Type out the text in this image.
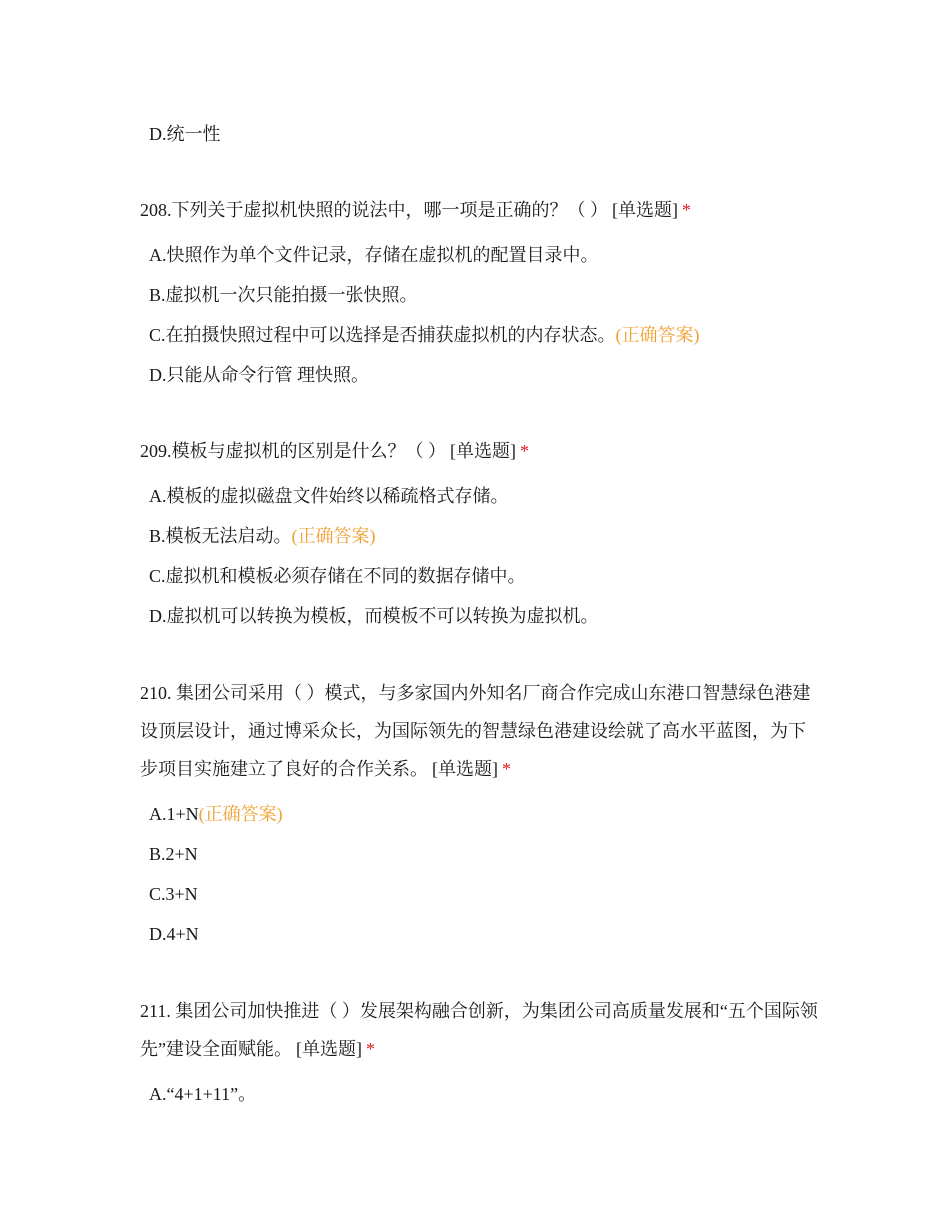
D.统一性

208.下列关于虚拟机快照的说法中，哪一项是正确的？（ ） [单选题] *

A.快照作为单个文件记录，存储在虚拟机的配置目录中。
B.虚拟机一次只能拍摄一张快照。
C.在拍摄快照过程中可以选择是否捕获虚拟机的内存状态。(正确答案)
D.只能从命令行管 理快照。

209.模板与虚拟机的区别是什么？（ ） [单选题] *

A.模板的虚拟磁盘文件始终以稀疏格式存储。
B.模板无法启动。(正确答案)
C.虚拟机和模板必须存储在不同的数据存储中。
D.虚拟机可以转换为模板，而模板不可以转换为虚拟机。

210. 集团公司采用（ ）模式，与多家国内外知名厂商合作完成山东港口智慧绿色港建设顶层设计，通过博采众长，为国际领先的智慧绿色港建设绘就了高水平蓝图，为下步项目实施建立了良好的合作关系。 [单选题] *

A.1+N(正确答案)
B.2+N
C.3+N
D.4+N

211. 集团公司加快推进（ ）发展架构融合创新，为集团公司高质量发展和“五个国际领先”建设全面赋能。 [单选题] *

A.“4+1+11”。
